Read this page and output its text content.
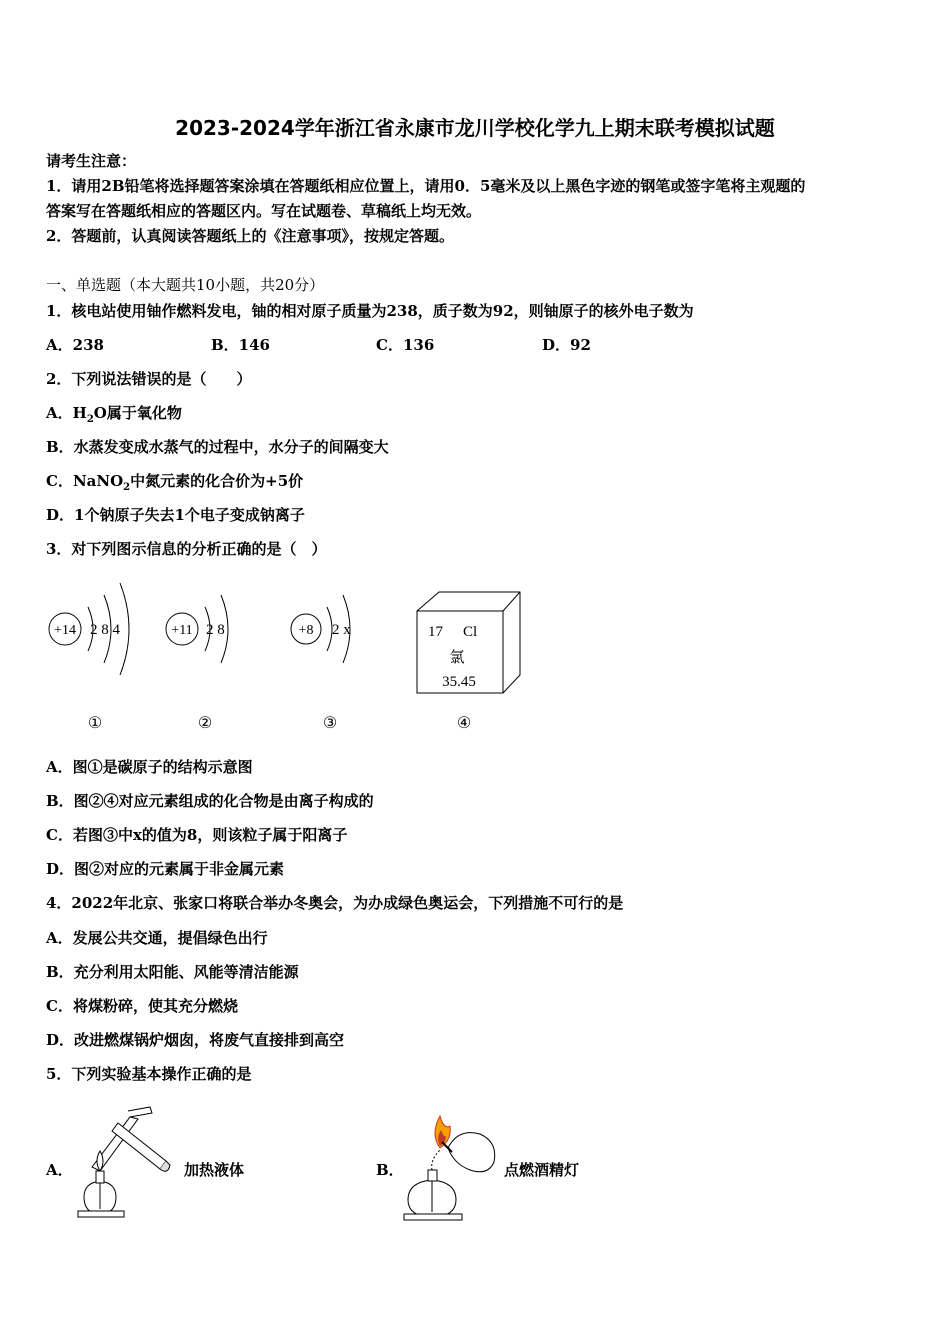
2023-2024学年浙江省永康市龙川学校化学九上期末联考模拟试题
请考生注意：
1．请用2B铅笔将选择题答案涂填在答题纸相应位置上，请用0．5毫米及以上黑色字迹的钢笔或签字笔将主观题的
答案写在答题纸相应的答题区内。写在试题卷、草稿纸上均无效。
2．答题前，认真阅读答题纸上的《注意事项》，按规定答题。
一、单选题（本大题共10小题，共20分）
1．核电站使用铀作燃料发电，铀的相对原子质量为238，质子数为92，则铀原子的核外电子数为
A．238	B．146	C．136	D．92
2．下列说法错误的是（　　）
A．$H_2O$属于氧化物
B．水蒸发变成水蒸气的过程中，水分子的间隔变大
C．NaNO$_2$中氮元素的化合价为+5价
D．1个钠原子失去1个电子变成钠离子
3．对下列图示信息的分析正确的是（　）
+14 2 8 4
①
+11 2 8
②
+8 2 x
③
17 Cl
氯
35.45
④
A．图①是碳原子的结构示意图
B．图②④对应元素组成的化合物是由离子构成的
C．若图③中x的值为8，则该粒子属于阳离子
D．图②对应的元素属于非金属元素
4．2022年北京、张家口将联合举办冬奥会，为办成绿色奥运会，下列措施不可行的是
A．发展公共交通，提倡绿色出行
B．充分利用太阳能、风能等清洁能源
C．将煤粉碎，使其充分燃烧
D．改进燃煤锅炉烟囱，将废气直接排到高空
5．下列实验基本操作正确的是
A．	加热液体	B．	点燃酒精灯
